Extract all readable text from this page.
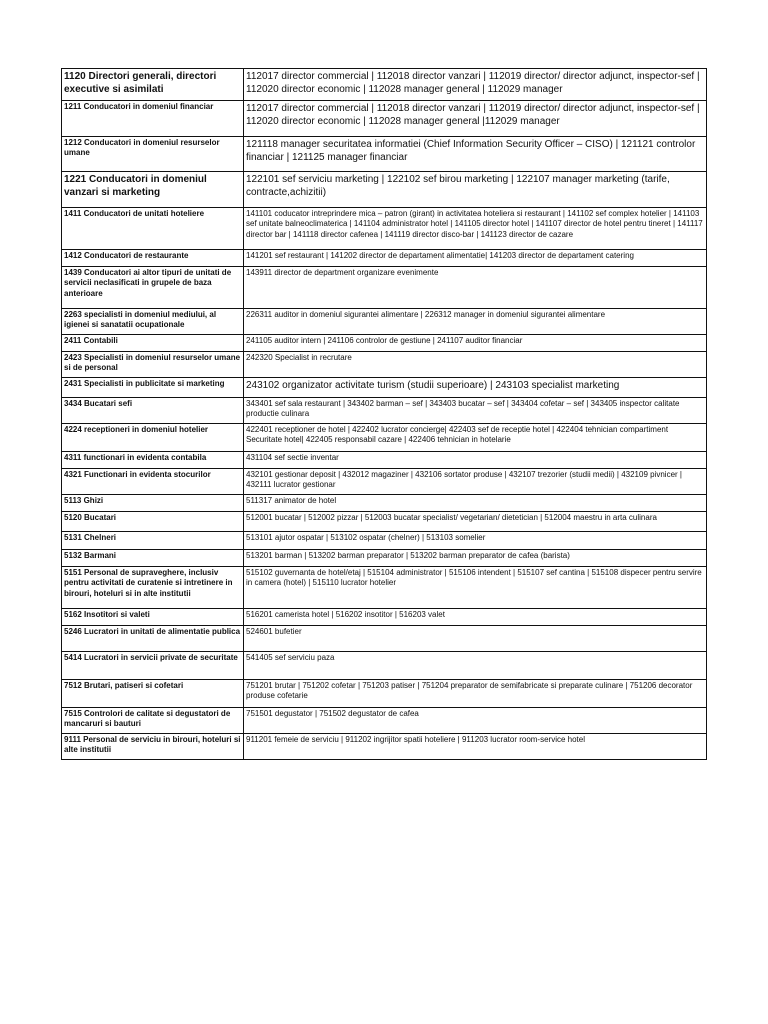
1120 Directori generali, directori executive si asimilati	112017 director commercial | 112018 director vanzari | 112019 director/ director adjunct, inspector-sef | 112020 director economic | 112028 manager general | 112029 manager
1211 Conducatori in domeniul financiar	112017 director commercial | 112018 director vanzari | 112019 director/ director adjunct, inspector-sef | 112020 director economic | 112028 manager general |112029 manager
1212 Conducatori in domeniul resurselor umane	121118 manager securitatea informatiei (Chief Information Security Officer – CISO) | 121121 controlor financiar | 121125 manager financiar
1221 Conducatori in domeniul vanzari si marketing	122101 sef serviciu marketing | 122102 sef birou marketing | 122107 manager marketing (tarife, contracte,achizitii)
1411 Conducatori de unitati hoteliere	141101 coducator intreprindere mica – patron (girant) in activitatea hoteliera si restaurant | 141102 sef complex hotelier | 141103 sef unitate balneoclimaterica | 141104 administrator hotel | 141105 director hotel | 141107 director de hotel pentru tineret | 141117 director bar | 141118 director cafenea | 141119 director disco-bar | 141123 director de cazare
1412 Conducatori de restaurante	141201 sef restaurant | 141202 director de departament alimentatie| 141203 director de departament catering
1439 Conducatori ai altor tipuri de unitati de servicii neclasificati in grupele de baza anterioare	143911 director de department organizare evenimente
2263 specialisti in domeniul mediului, al igienei si sanatatii ocupationale	226311 auditor in domeniul sigurantei alimentare | 226312 manager in domeniul sigurantei alimentare
2411 Contabili	241105 auditor intern | 241106 controlor de gestiune | 241107 auditor financiar
2423 Specialisti in domeniul resurselor umane si de personal	242320 Specialist in recrutare
2431 Specialisti in publicitate si marketing	243102 organizator activitate turism (studii superioare) | 243103 specialist marketing
3434 Bucatari sefi	343401 sef sala restaurant | 343402 barman – sef | 343403 bucatar – sef | 343404 cofetar – sef | 343405 inspector calitate productie culinara
4224 receptioneri in domeniul hotelier	422401 receptioner de hotel | 422402 lucrator concierge| 422403 sef de receptie hotel | 422404 tehnician compartiment Securitate hotel| 422405 responsabil cazare | 422406 tehnician in hotelarie
4311 functionari in evidenta contabila	431104 sef sectie inventar
4321 Functionari in evidenta stocurilor	432101 gestionar deposit | 432012 magaziner | 432106 sortator produse | 432107 trezorier (studii medii) | 432109 pivnicer | 432111 lucrator gestionar
5113 Ghizi	511317 animator de hotel
5120 Bucatari	512001 bucatar | 512002 pizzar | 512003 bucatar specialist/ vegetarian/ dietetician | 512004 maestru in arta culinara
5131 Chelneri	513101 ajutor ospatar | 513102 ospatar (chelner) | 513103 somelier
5132 Barmani	513201 barman | 513202 barman preparator | 513202 barman preparator de cafea (barista)
5151 Personal de supraveghere, inclusiv pentru activitati de curatenie si intretinere in birouri, hoteluri si in alte institutii	515102 guvernanta de hotel/etaj | 515104 administrator | 515106 intendent | 515107 sef cantina | 515108 dispecer pentru servire in camera (hotel) | 515110 lucrator hotelier
5162 Insotitori si valeti	516201 camerista hotel | 516202 insotitor | 516203 valet
5246 Lucratori in unitati de alimentatie publica	524601 bufetier
5414 Lucratori in servicii private de securitate	541405 sef serviciu paza
7512 Brutari, patiseri si cofetari	751201 brutar | 751202 cofetar | 751203 patiser | 751204 preparator de semifabricate si preparate culinare | 751206 decorator produse cofetarie
7515 Controlori de calitate si degustatori de mancaruri si bauturi	751501 degustator | 751502 degustator de cafea
9111 Personal de serviciu in birouri, hoteluri si alte institutii	911201 femeie de serviciu | 911202 ingrijitor spatii hoteliere | 911203 lucrator room-service hotel
